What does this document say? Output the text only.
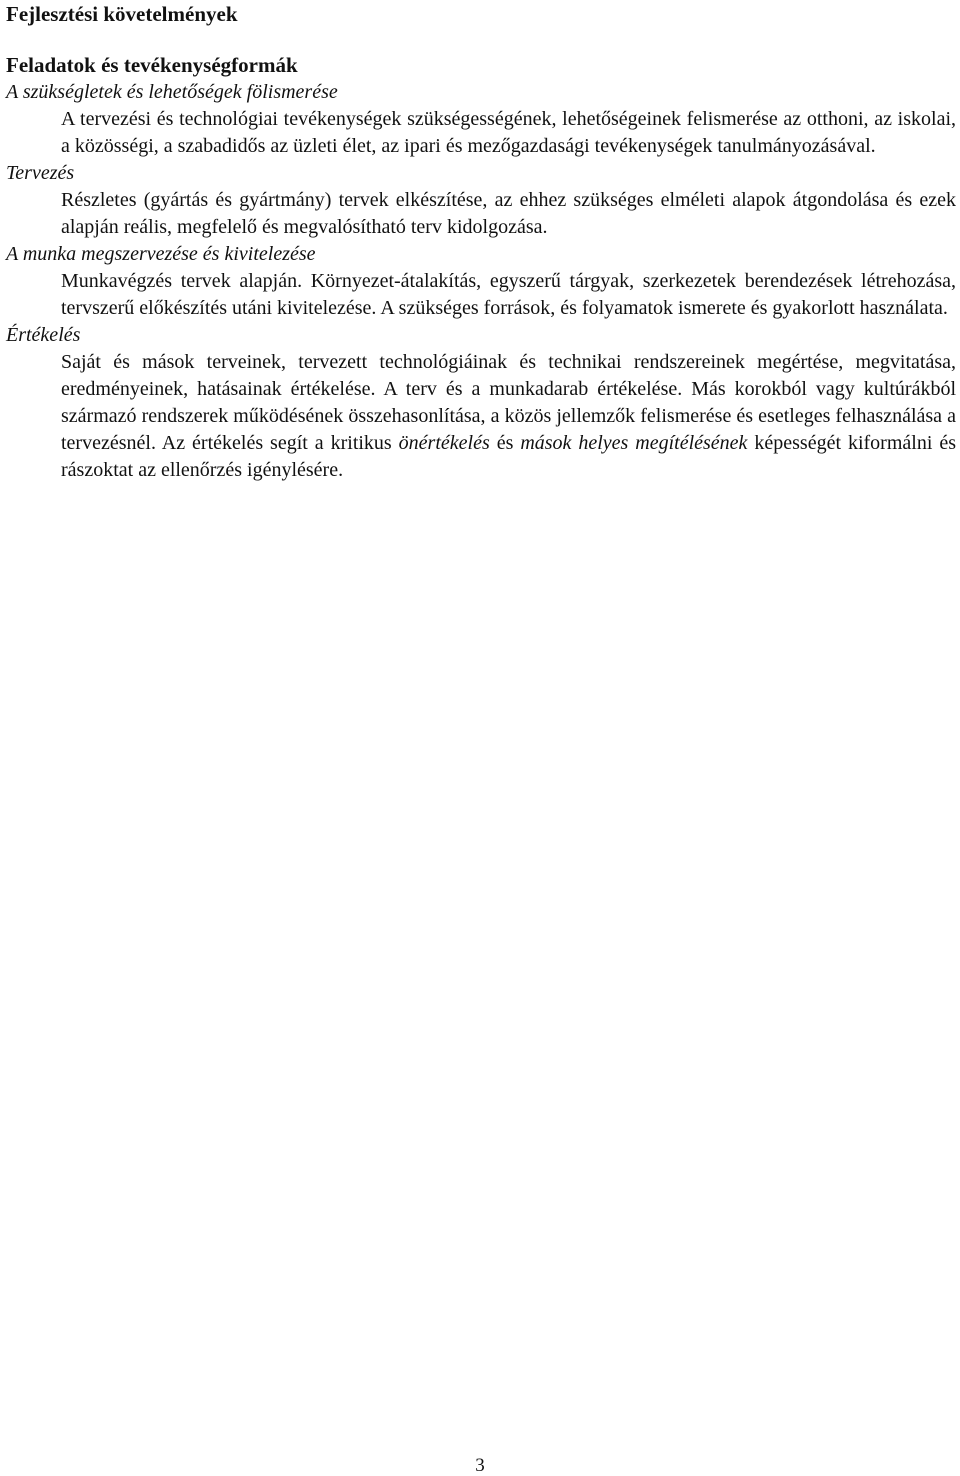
Fejlesztési követelmények
Feladatok és tevékenységformák
A szükségletek és lehetőségek fölismerése

A tervezési és technológiai tevékenységek szükségességének, lehetőségeinek felismerése az otthoni, az iskolai, a közösségi, a szabadidős az üzleti élet, az ipari és mezőgazdasági tevékenységek tanulmányozásával.

Tervezés

Részletes (gyártás és gyártmány) tervek elkészítése, az ehhez szükséges elméleti alapok átgondolása és ezek alapján reális, megfelelő és megvalósítható terv kidolgozása.

A munka megszervezése és kivitelezése

Munkavégzés tervek alapján. Környezet-átalakítás, egyszerű tárgyak, szerkezetek berendezések létrehozása, tervszerű előkészítés utáni kivitelezése. A szükséges források, és folyamatok ismerete és gyakorlott használata.

Értékelés

Saját és mások terveinek, tervezett technológiáinak és technikai rendszereinek megértése, megvitatása, eredményeinek, hatásainak értékelése. A terv és a munkadarab értékelése. Más korokból vagy kultúrákból származó rendszerek működésének összehasonlítása, a közös jellemzők felismerése és esetleges felhasználása a tervezésnél. Az értékelés segít a kritikus önértékelés és mások helyes megítélésének képességét kiformálni és rászoktat az ellenőrzés igénylésére.

3
